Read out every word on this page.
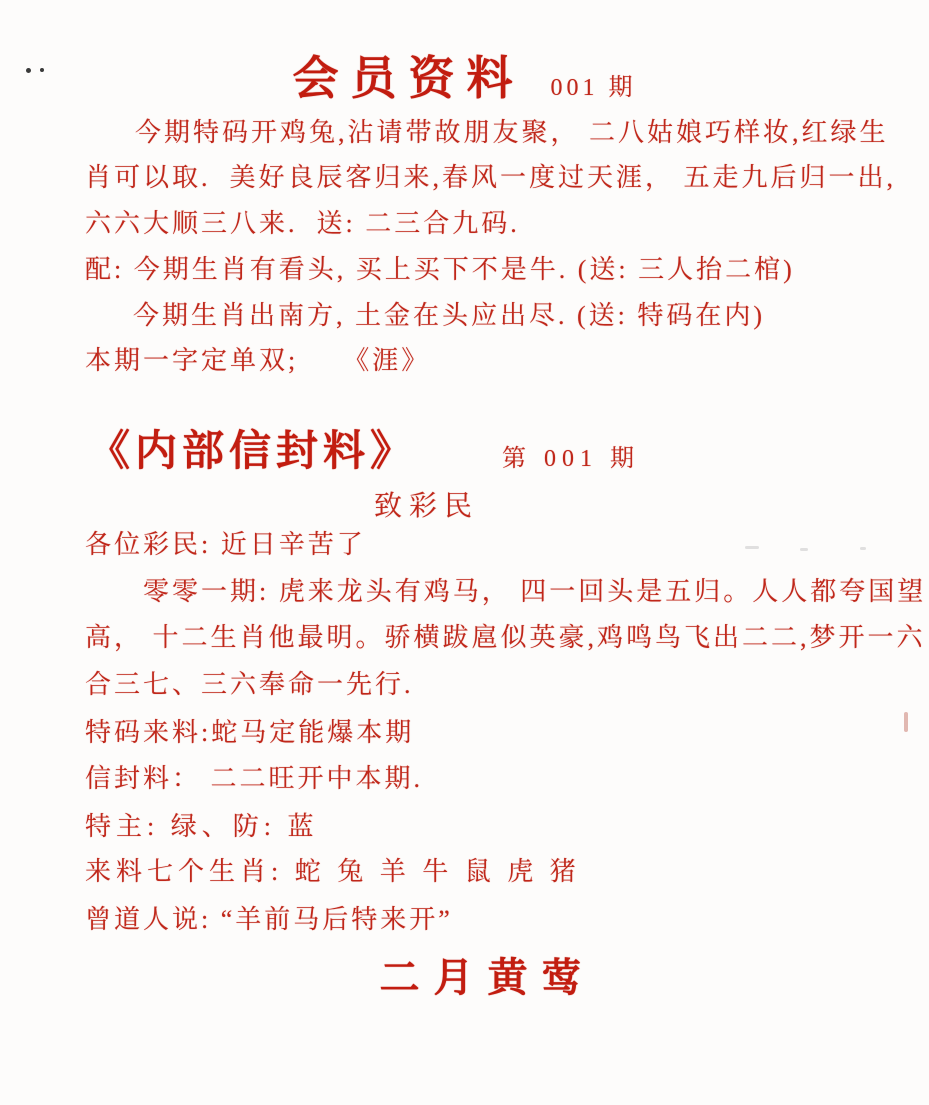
会员资料 001 期
今期特码开鸡兔,沾请带故朋友聚， 二八姑娘巧样妆,红绿生
肖可以取.  美好良辰客归来,春风一度过天涯， 五走九后归一出,
六六大顺三八来.  送: 二三合九码.
配: 今期生肖有看头, 买上买下不是牛. (送: 三人抬二棺)
今期生肖出南方, 土金在头应出尽. (送: 特码在内)
本期一字定单双;　　《涯》
《内部信封料》	第 001 期
致彩民
各位彩民: 近日辛苦了
零零一期: 虎来龙头有鸡马， 四一回头是五归。人人都夸国望
高， 十二生肖他最明。骄横跋扈似英豪,鸡鸣鸟飞出二二,梦开一六
合三七、三六奉命一先行.
特码来料:蛇马定能爆本期
信封料： 二二旺开中本期.
特主: 绿、防: 蓝
来料七个生肖: 蛇 兔 羊 牛 鼠 虎 猪
曾道人说: “羊前马后特来开”
二月黄莺
